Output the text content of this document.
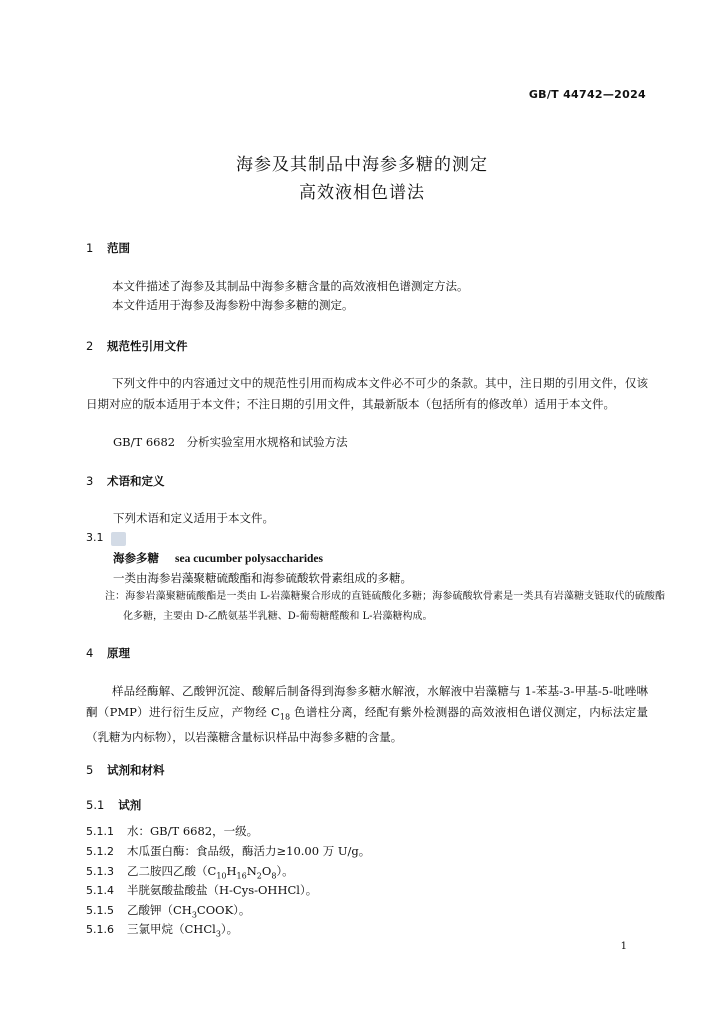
GB/T 44742—2024
海参及其制品中海参多糖的测定
高效液相色谱法
1 范围
本文件描述了海参及其制品中海参多糖含量的高效液相色谱测定方法。
本文件适用于海参及海参粉中海参多糖的测定。
2 规范性引用文件
下列文件中的内容通过文中的规范性引用而构成本文件必不可少的条款。其中，注日期的引用文件，仅该日期对应的版本适用于本文件；不注日期的引用文件，其最新版本（包括所有的修改单）适用于本文件。
GB/T 6682　分析实验室用水规格和试验方法
3 术语和定义
下列术语和定义适用于本文件。
3.1
海参多糖 sea cucumber polysaccharides
一类由海参岩藻聚糖硫酸酯和海参硫酸软骨素组成的多糖。
注：海参岩藻聚糖硫酸酯是一类由 L-岩藻糖聚合形成的直链硫酸化多糖；海参硫酸软骨素是一类具有岩藻糖支链取代的硫酸酯化多糖，主要由 D-乙酰氨基半乳糖、D-葡萄糖醛酸和 L-岩藻糖构成。
4 原理
样品经酶解、乙酸钾沉淀、酸解后制备得到海参多糖水解液，水解液中岩藻糖与 1-苯基-3-甲基-5-吡唑啉酮（PMP）进行衍生反应，产物经 $C_{18}$ 色谱柱分离，经配有紫外检测器的高效液相色谱仪测定，内标法定量（乳糖为内标物），以岩藻糖含量标识样品中海参多糖的含量。
5 试剂和材料
5.1 试剂
5.1.1 水：GB/T 6682，一级。
5.1.2 木瓜蛋白酶：食品级，酶活力≥10.00 万 U/g。
5.1.3 乙二胺四乙酸$(C_{10}H_{16}N_2O_8)$。
5.1.4 半胱氨酸盐酸盐（H-Cys-OHHCl）。
5.1.5 乙酸钾$(CH_3COOK)$。
5.1.6 三氯甲烷（CHCl$_3$）。
1
